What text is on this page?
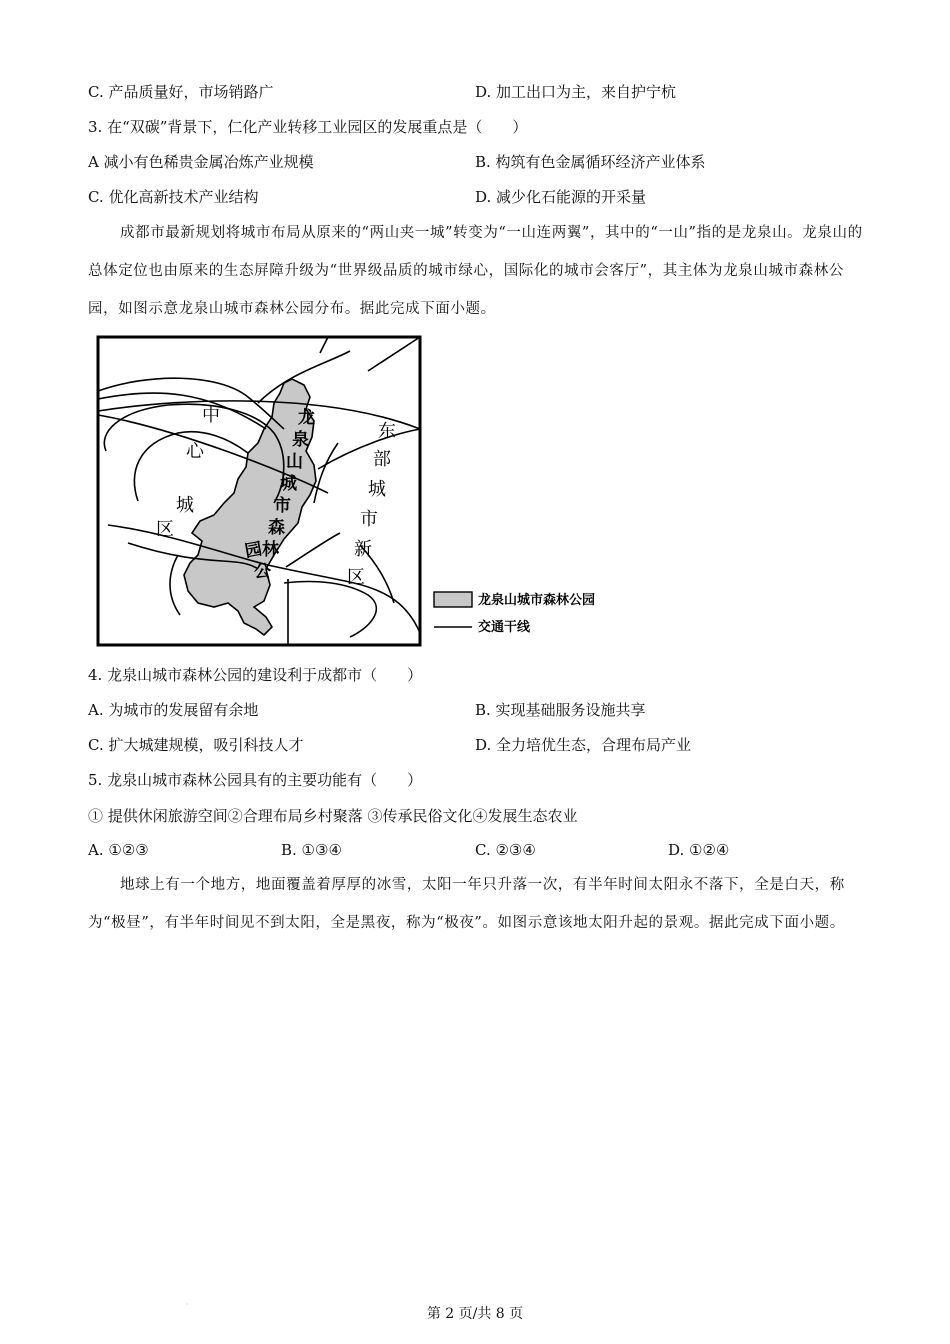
C. 产品质量好，市场销路广	D. 加工出口为主，来自护宁杭
3. 在“双碳”背景下，仁化产业转移工业园区的发展重点是（　　）
A 减小有色稀贵金属冶炼产业规模	B. 构筑有色金属循环经济产业体系
C. 优化高新技术产业结构	D. 减少化石能源的开采量
成都市最新规划将城市布局从原来的“两山夹一城”转变为“一山连两翼”，其中的“一山”指的是龙泉山。龙泉山的总体定位也由原来的生态屏障升级为“世界级品质的城市绿心，国际化的城市会客厅”，其主体为龙泉山城市森林公园，如图示意龙泉山城市森林公园分布。据此完成下面小题。
龙
泉
山
城
市
森
林
公
园
中
心
城
区
东
部
城
市
新
区
龙泉山城市森林公园
交通干线
4. 龙泉山城市森林公园的建设利于成都市（　　）
A. 为城市的发展留有余地	B. 实现基础服务设施共享
C. 扩大城建规模，吸引科技人才	D. 全力培优生态，合理布局产业
5. 龙泉山城市森林公园具有的主要功能有（　　）
① 提供休闲旅游空间②合理布局乡村聚落 ③传承民俗文化④发展生态农业
A. ①②③	B. ①③④	C. ②③④	D. ①②④
地球上有一个地方，地面覆盖着厚厚的冰雪，太阳一年只升落一次，有半年时间太阳永不落下，全是白天，称为“极昼”，有半年时间见不到太阳，全是黑夜，称为“极夜”。如图示意该地太阳升起的景观。据此完成下面小题。
·
第 2 页/共 8 页
